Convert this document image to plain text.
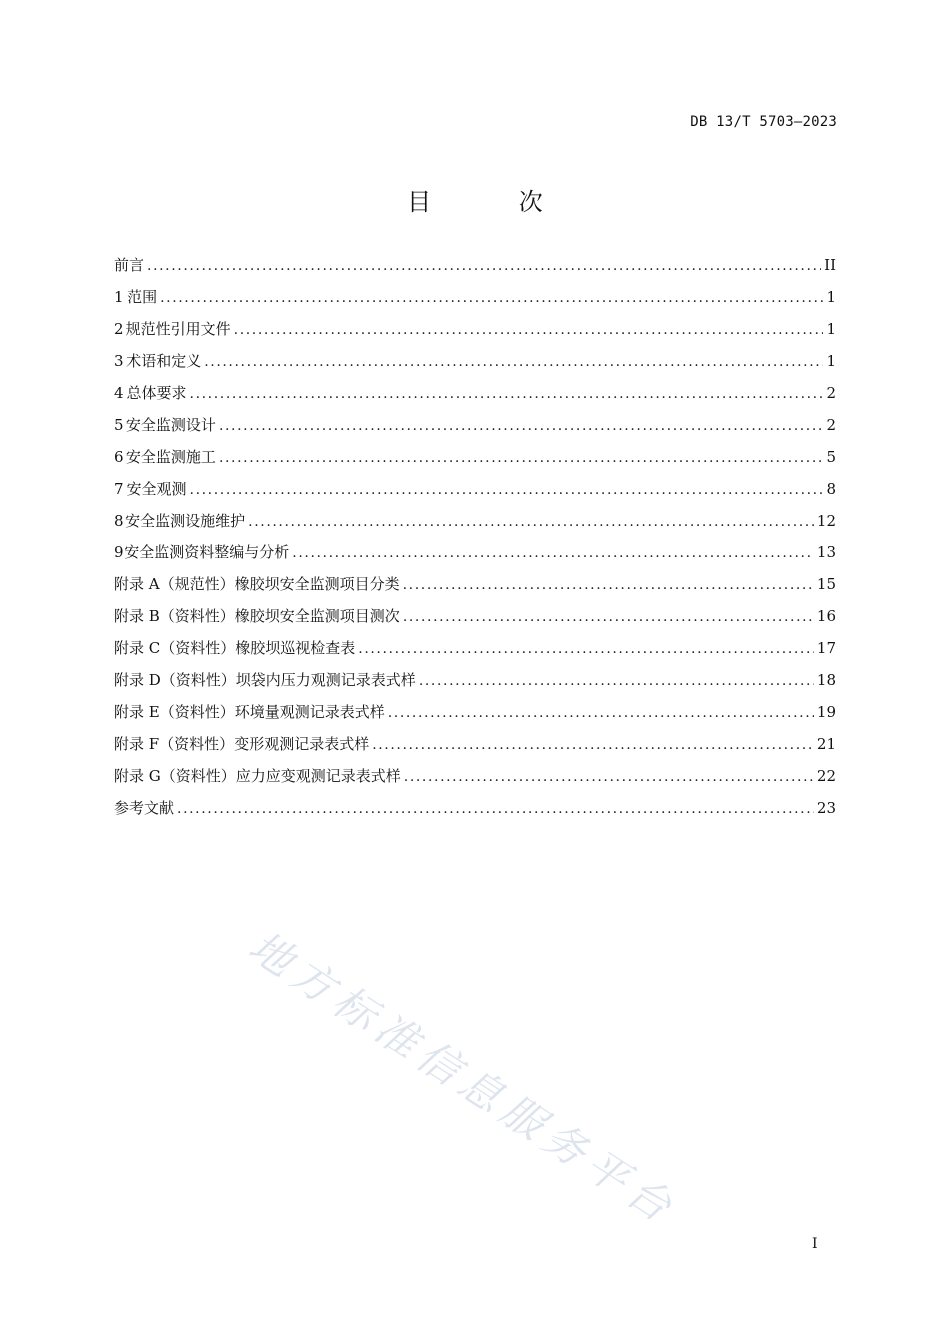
DB 13/T 5703—2023
目 次
前言 .....	II
1 范围 .....	1
2 规范性引用文件 .....	1
3 术语和定义 .....	1
4 总体要求 .....	2
5 安全监测设计 .....	2
6 安全监测施工 .....	5
7 安全观测 .....	8
8 安全监测设施维护 .....	12
9 安全监测资料整编与分析 .....	13
附录 A（规范性） 橡胶坝安全监测项目分类 .....	15
附录 B（资料性） 橡胶坝安全监测项目测次 .....	16
附录 C（资料性） 橡胶坝巡视检查表 .....	17
附录 D（资料性） 坝袋内压力观测记录表式样 .....	18
附录 E（资料性） 环境量观测记录表式样 .....	19
附录 F（资料性） 变形观测记录表式样 .....	21
附录 G（资料性） 应力应变观测记录表式样 .....	22
参考文献 .....	23
I
地方标准信息服务平台
